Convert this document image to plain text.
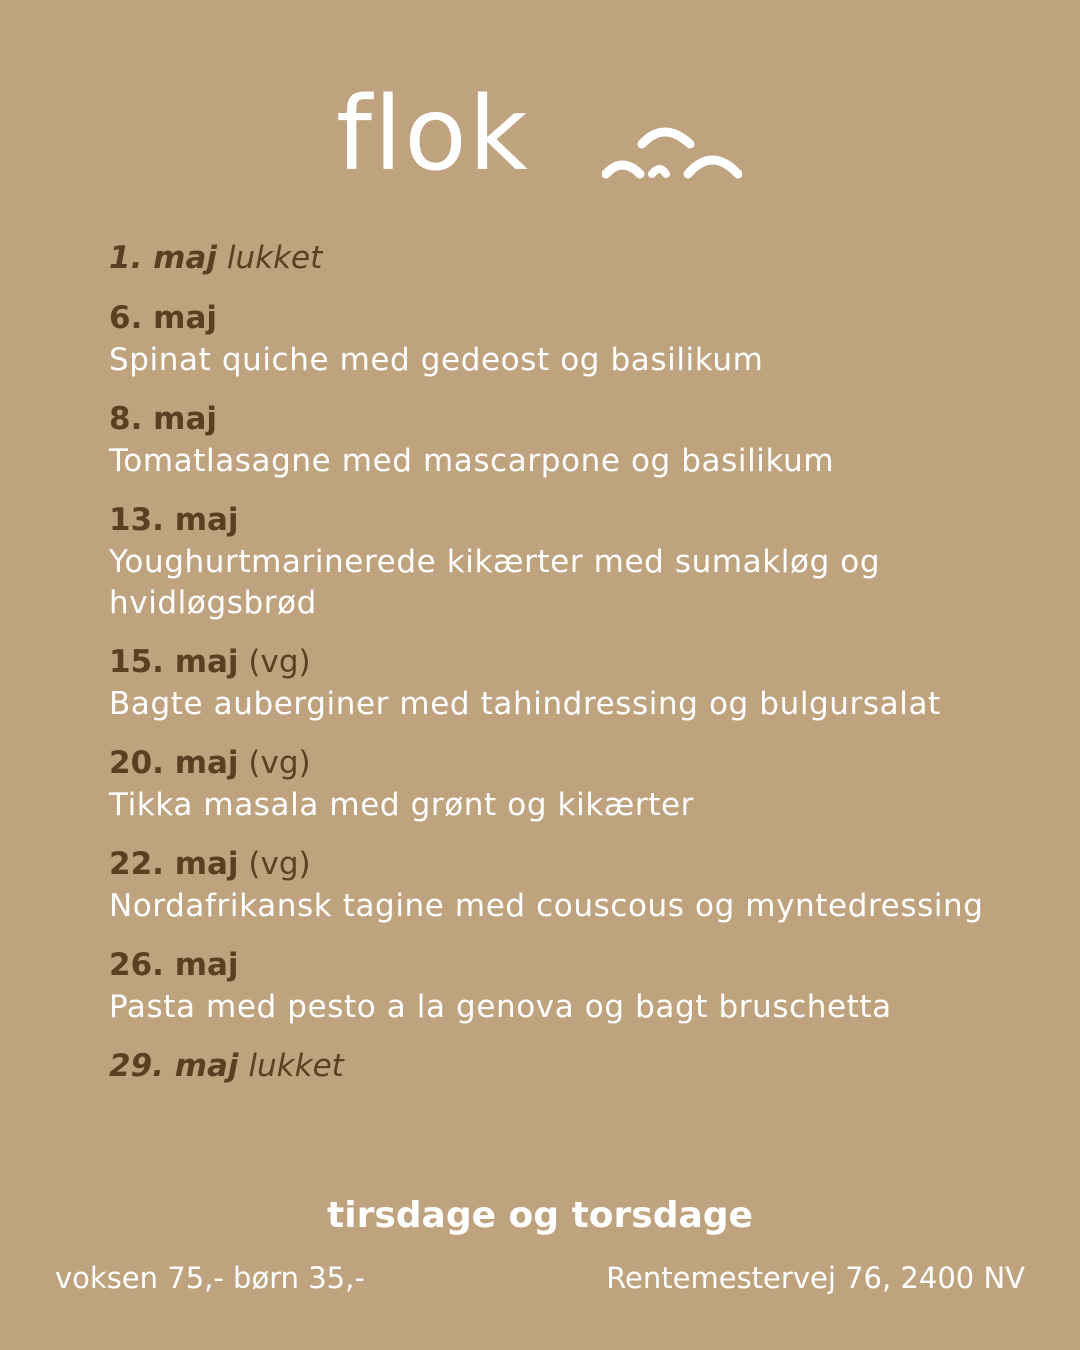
flok
1. maj lukket
6. maj
Spinat quiche med gedeost og basilikum
8. maj
Tomatlasagne med mascarpone og basilikum
13. maj
Youghurtmarinerede kikærter med sumakløg og hvidløgsbrød
15. maj (vg)
Bagte auberginer med tahindressing og bulgursalat
20. maj (vg)
Tikka masala med grønt og kikærter
22. maj (vg)
Nordafrikansk tagine med couscous og myntedressing
26. maj
Pasta med pesto a la genova og bagt bruschetta
29. maj lukket
tirsdage og torsdage
voksen 75,- børn 35,-	Rentemestervej 76, 2400 NV
